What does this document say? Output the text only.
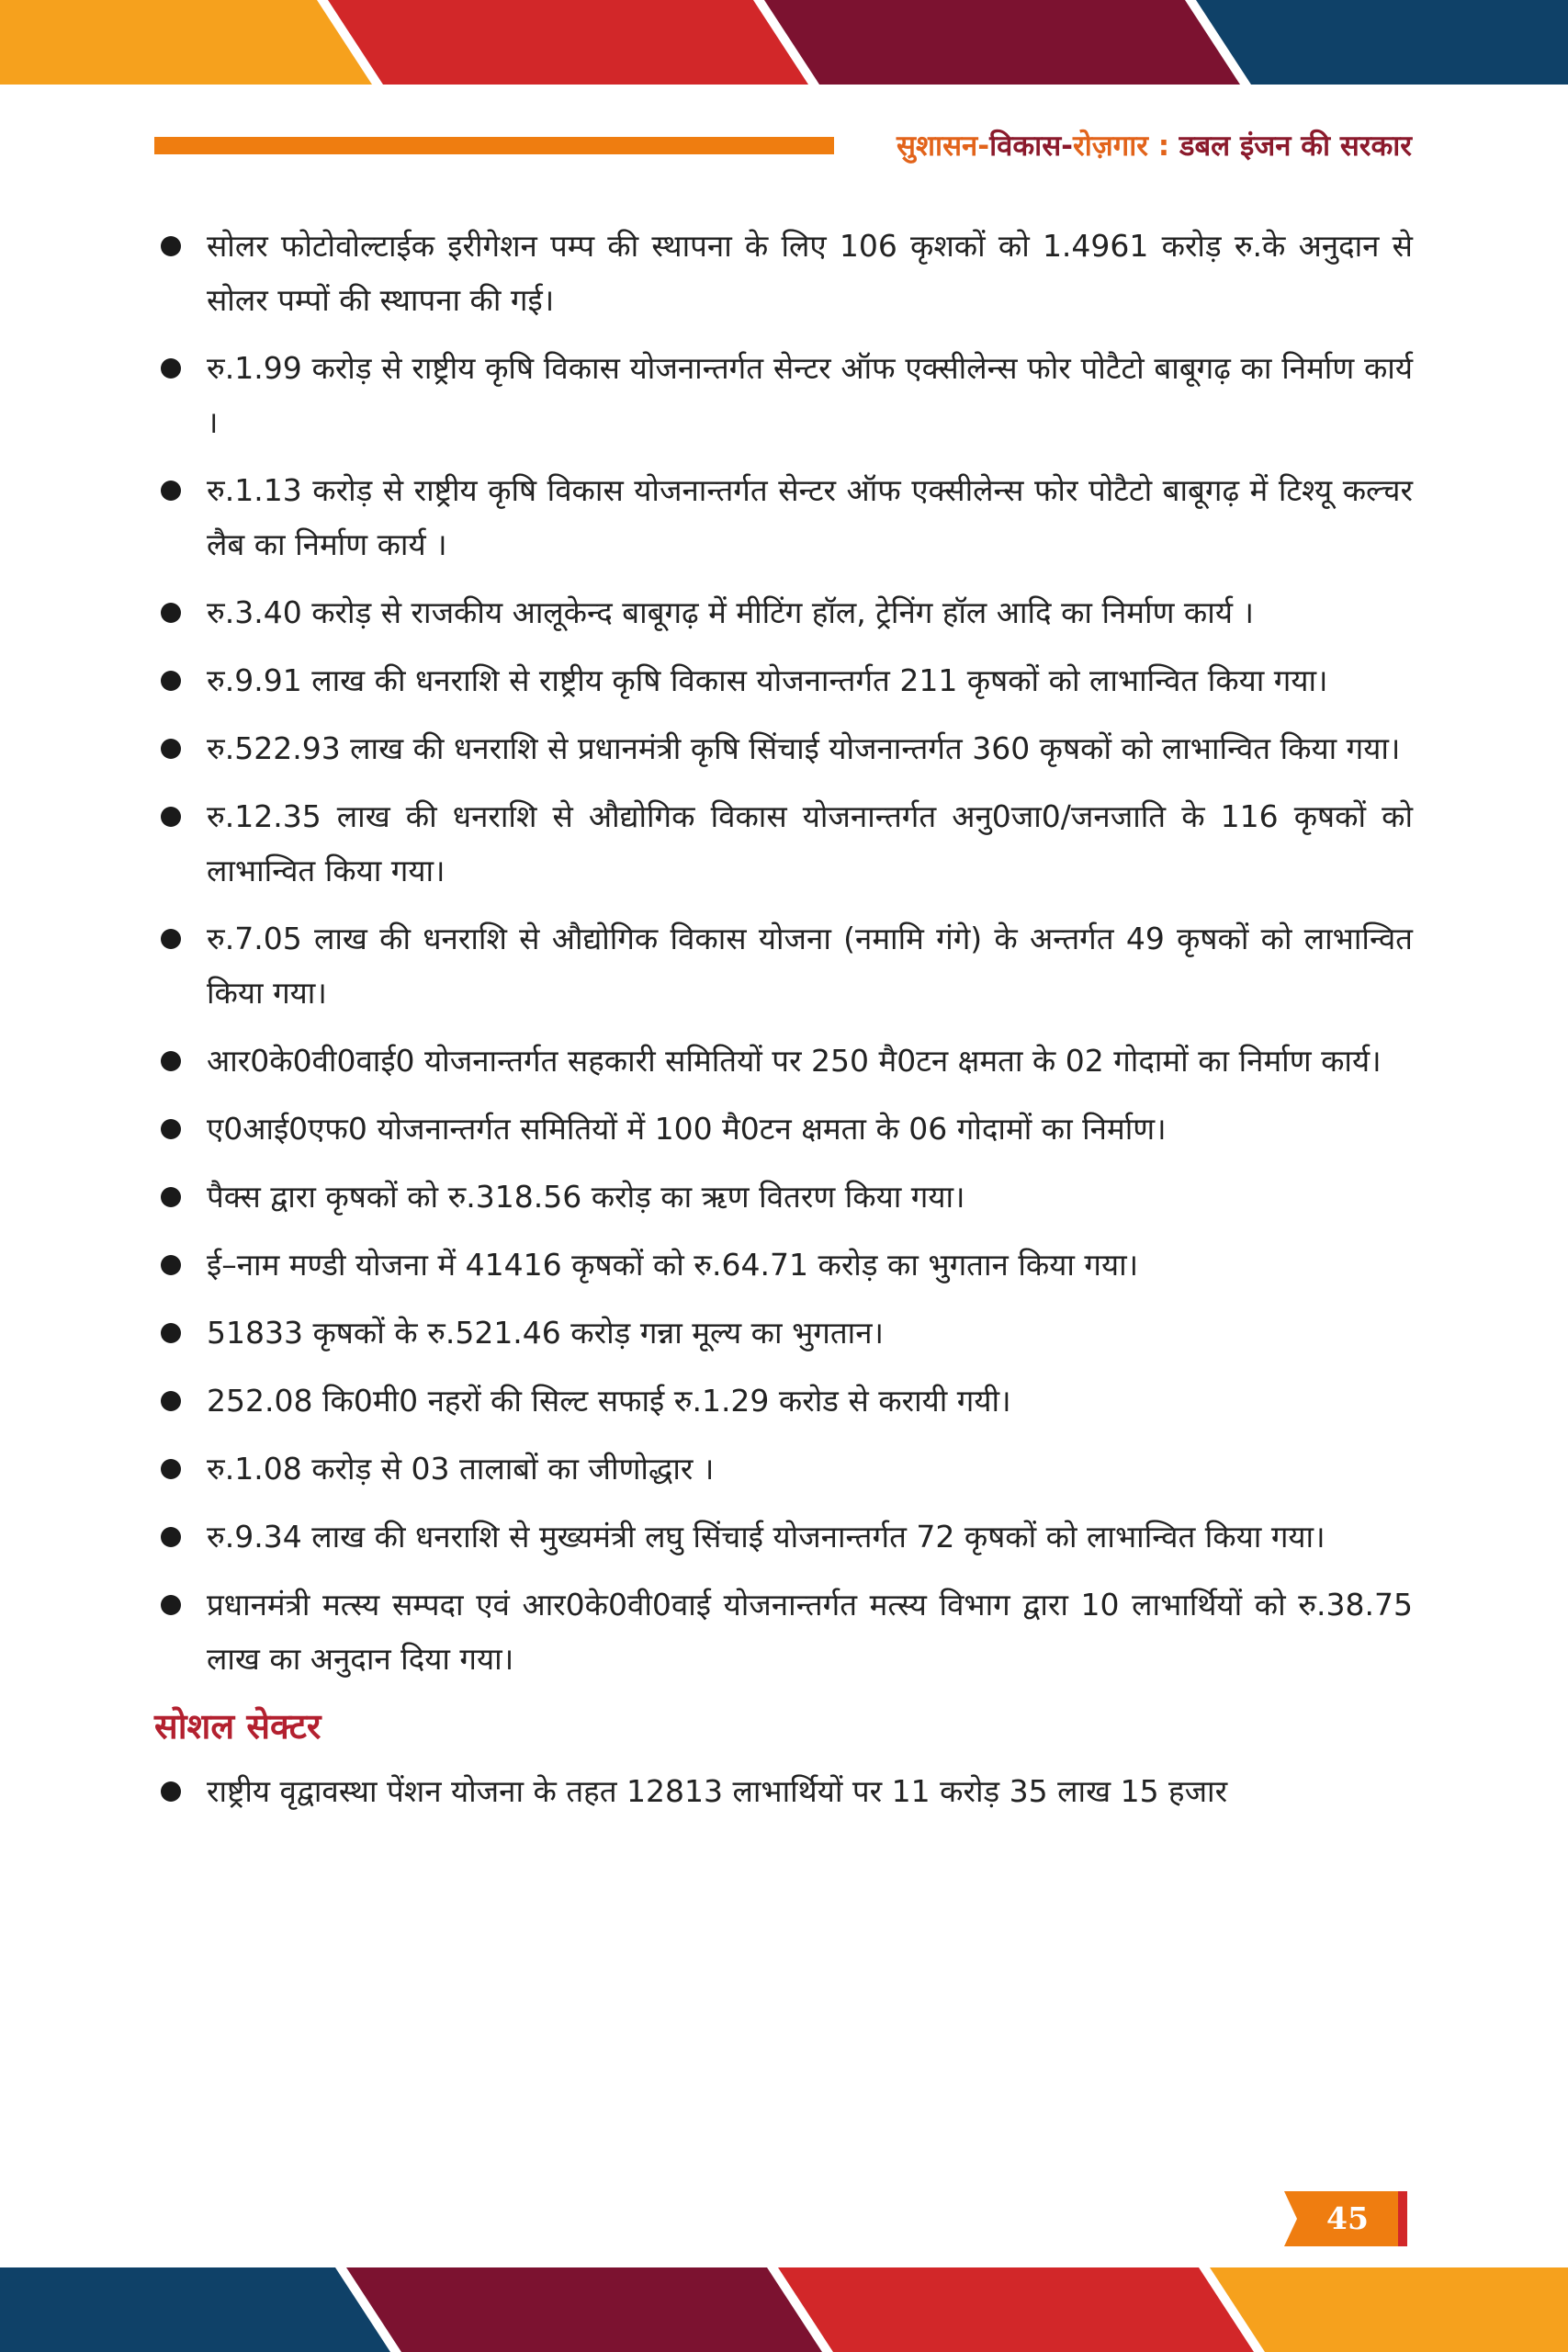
सुशासन-विकास-रोज़गार : डबल इंजन की सरकार
सोलर फोटोवोल्टाईक इरीगेशन पम्प की स्थापना के लिए 106 कृशकों को 1.4961 करोड़ रु.के अनुदान से सोलर पम्पों की स्थापना की गई।
रु.1.99 करोड़ से राष्ट्रीय कृषि विकास योजनान्तर्गत सेन्टर ऑफ एक्सीलेन्स फोर पोटैटो बाबूगढ़ का निर्माण कार्य ।
रु.1.13 करोड़ से राष्ट्रीय कृषि विकास योजनान्तर्गत सेन्टर ऑफ एक्सीलेन्स फोर पोटैटो बाबूगढ़ में टिश्यू कल्चर लैब का निर्माण कार्य ।
रु.3.40 करोड़ से राजकीय आलूकेन्द बाबूगढ़ में मीटिंग हॉल, ट्रेनिंग हॉल आदि का निर्माण कार्य ।
रु.9.91 लाख की धनराशि से राष्ट्रीय कृषि विकास योजनान्तर्गत 211 कृषकों को लाभान्वित किया गया।
रु.522.93 लाख की धनराशि से प्रधानमंत्री कृषि सिंचाई योजनान्तर्गत 360 कृषकों को लाभान्वित किया गया।
रु.12.35 लाख की धनराशि से औद्योगिक विकास योजनान्तर्गत अनु0जा0/जनजाति के 116 कृषकों को लाभान्वित किया गया।
रु.7.05 लाख की धनराशि से औद्योगिक विकास योजना (नमामि गंगे) के अन्तर्गत 49 कृषकों को लाभान्वित किया गया।
आर0के0वी0वाई0 योजनान्तर्गत सहकारी समितियों पर 250 मै0टन क्षमता के 02 गोदामों का निर्माण कार्य।
ए0आई0एफ0 योजनान्तर्गत समितियों में 100 मै0टन क्षमता के 06 गोदामों का निर्माण।
पैक्स द्वारा कृषकों को रु.318.56 करोड़ का ऋण वितरण किया गया।
ई–नाम मण्डी योजना में 41416 कृषकों को रु.64.71 करोड़ का भुगतान किया गया।
51833 कृषकों के रु.521.46 करोड़ गन्ना मूल्य का भुगतान।
252.08 कि0मी0 नहरों की सिल्ट सफाई रु.1.29 करोड से करायी गयी।
रु.1.08 करोड़ से 03 तालाबों का जीणोद्धार ।
रु.9.34 लाख की धनराशि से मुख्यमंत्री लघु सिंचाई योजनान्तर्गत 72 कृषकों को लाभान्वित किया गया।
प्रधानमंत्री मत्स्य सम्पदा एवं आर0के0वी0वाई योजनान्तर्गत मत्स्य विभाग द्वारा 10 लाभार्थियों को रु.38.75 लाख का अनुदान दिया गया।
सोशल सेक्टर
राष्ट्रीय वृद्वावस्था पेंशन योजना के तहत 12813 लाभार्थियों पर 11 करोड़ 35 लाख 15 हजार
45
